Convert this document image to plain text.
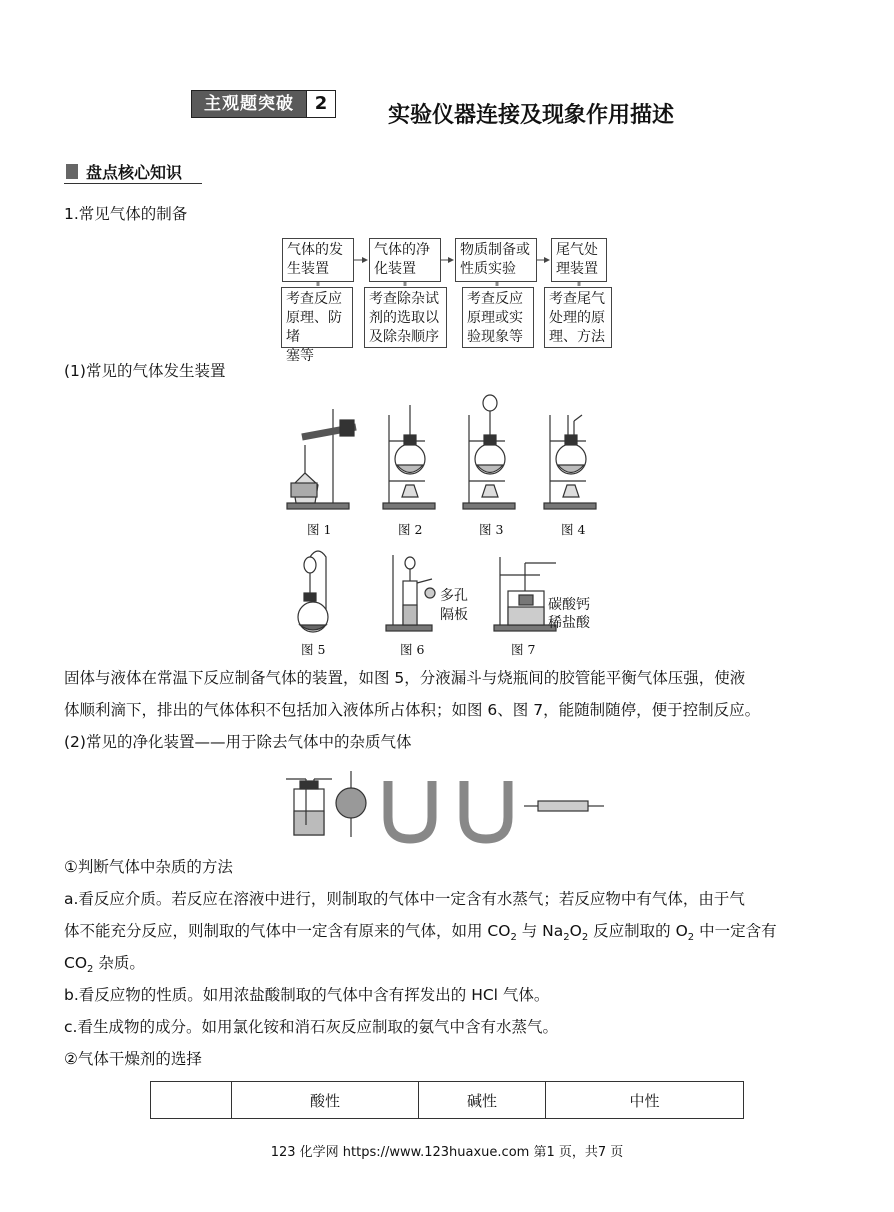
主观题突破	2	实验仪器连接及现象作用描述
盘点核心知识
1.常见气体的制备
气体的发
生装置
气体的净
化装置
物质制备或
性质实验
尾气处
理装置
考查反应
原理、防堵
塞等
考查除杂试
剂的选取以
及除杂顺序
考查反应
原理或实
验现象等
考查尾气
处理的原
理、方法
(1)常见的气体发生装置
图 1	图 2	图 3	图 4
图 5	图 6	图 7
多孔
隔板
碳酸钙
稀盐酸
固体与液体在常温下反应制备气体的装置，如图 5，分液漏斗与烧瓶间的胶管能平衡气体压强，使液
体顺利滴下，排出的气体体积不包括加入液体所占体积；如图 6、图 7，能随制随停，便于控制反应。
(2)常见的净化装置——用于除去气体中的杂质气体
①判断气体中杂质的方法
a.看反应介质。若反应在溶液中进行，则制取的气体中一定含有水蒸气；若反应物中有气体，由于气
体不能充分反应，则制取的气体中一定含有原来的气体，如用 $CO_2$ 与 $Na_2O_2$ 反应制取的 $O_2$ 中一定含有
$CO_2$ 杂质。
b.看反应物的性质。如用浓盐酸制取的气体中含有挥发出的 HCl 气体。
c.看生成物的成分。如用氯化铵和消石灰反应制取的氨气中含有水蒸气。
②气体干燥剂的选择
	酸性	碱性	中性
123 化学网 https://www.123huaxue.com 第1 页，共7 页
